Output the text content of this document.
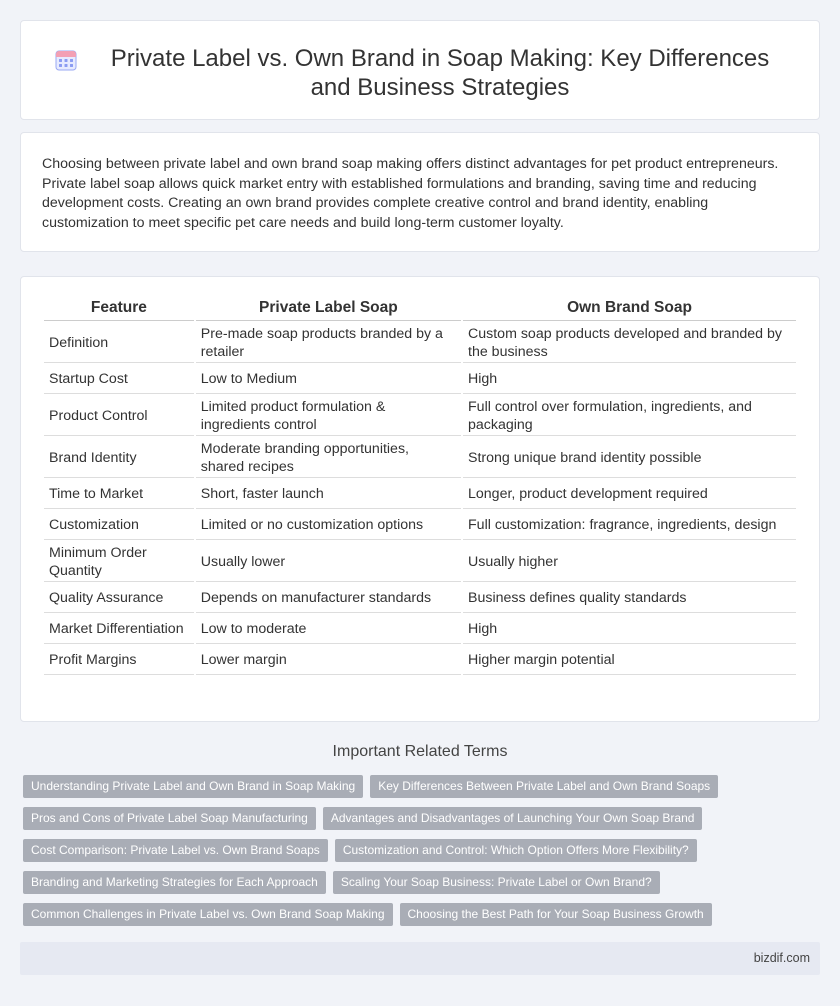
Private Label vs. Own Brand in Soap Making: Key Differences and Business Strategies

Choosing between private label and own brand soap making offers distinct advantages for pet product entrepreneurs. Private label soap allows quick market entry with established formulations and branding, saving time and reducing development costs. Creating an own brand provides complete creative control and brand identity, enabling customization to meet specific pet care needs and build long-term customer loyalty.

Feature	Private Label Soap	Own Brand Soap
Definition	Pre-made soap products branded by a retailer	Custom soap products developed and branded by the business
Startup Cost	Low to Medium	High
Product Control	Limited product formulation & ingredients control	Full control over formulation, ingredients, and packaging
Brand Identity	Moderate branding opportunities, shared recipes	Strong unique brand identity possible
Time to Market	Short, faster launch	Longer, product development required
Customization	Limited or no customization options	Full customization: fragrance, ingredients, design
Minimum Order Quantity	Usually lower	Usually higher
Quality Assurance	Depends on manufacturer standards	Business defines quality standards
Market Differentiation	Low to moderate	High
Profit Margins	Lower margin	Higher margin potential
Important Related Terms
Understanding Private Label and Own Brand in Soap Making	Key Differences Between Private Label and Own Brand Soaps
Pros and Cons of Private Label Soap Manufacturing	Advantages and Disadvantages of Launching Your Own Soap Brand
Cost Comparison: Private Label vs. Own Brand Soaps	Customization and Control: Which Option Offers More Flexibility?
Branding and Marketing Strategies for Each Approach	Scaling Your Soap Business: Private Label or Own Brand?
Common Challenges in Private Label vs. Own Brand Soap Making	Choosing the Best Path for Your Soap Business Growth
bizdif.com
